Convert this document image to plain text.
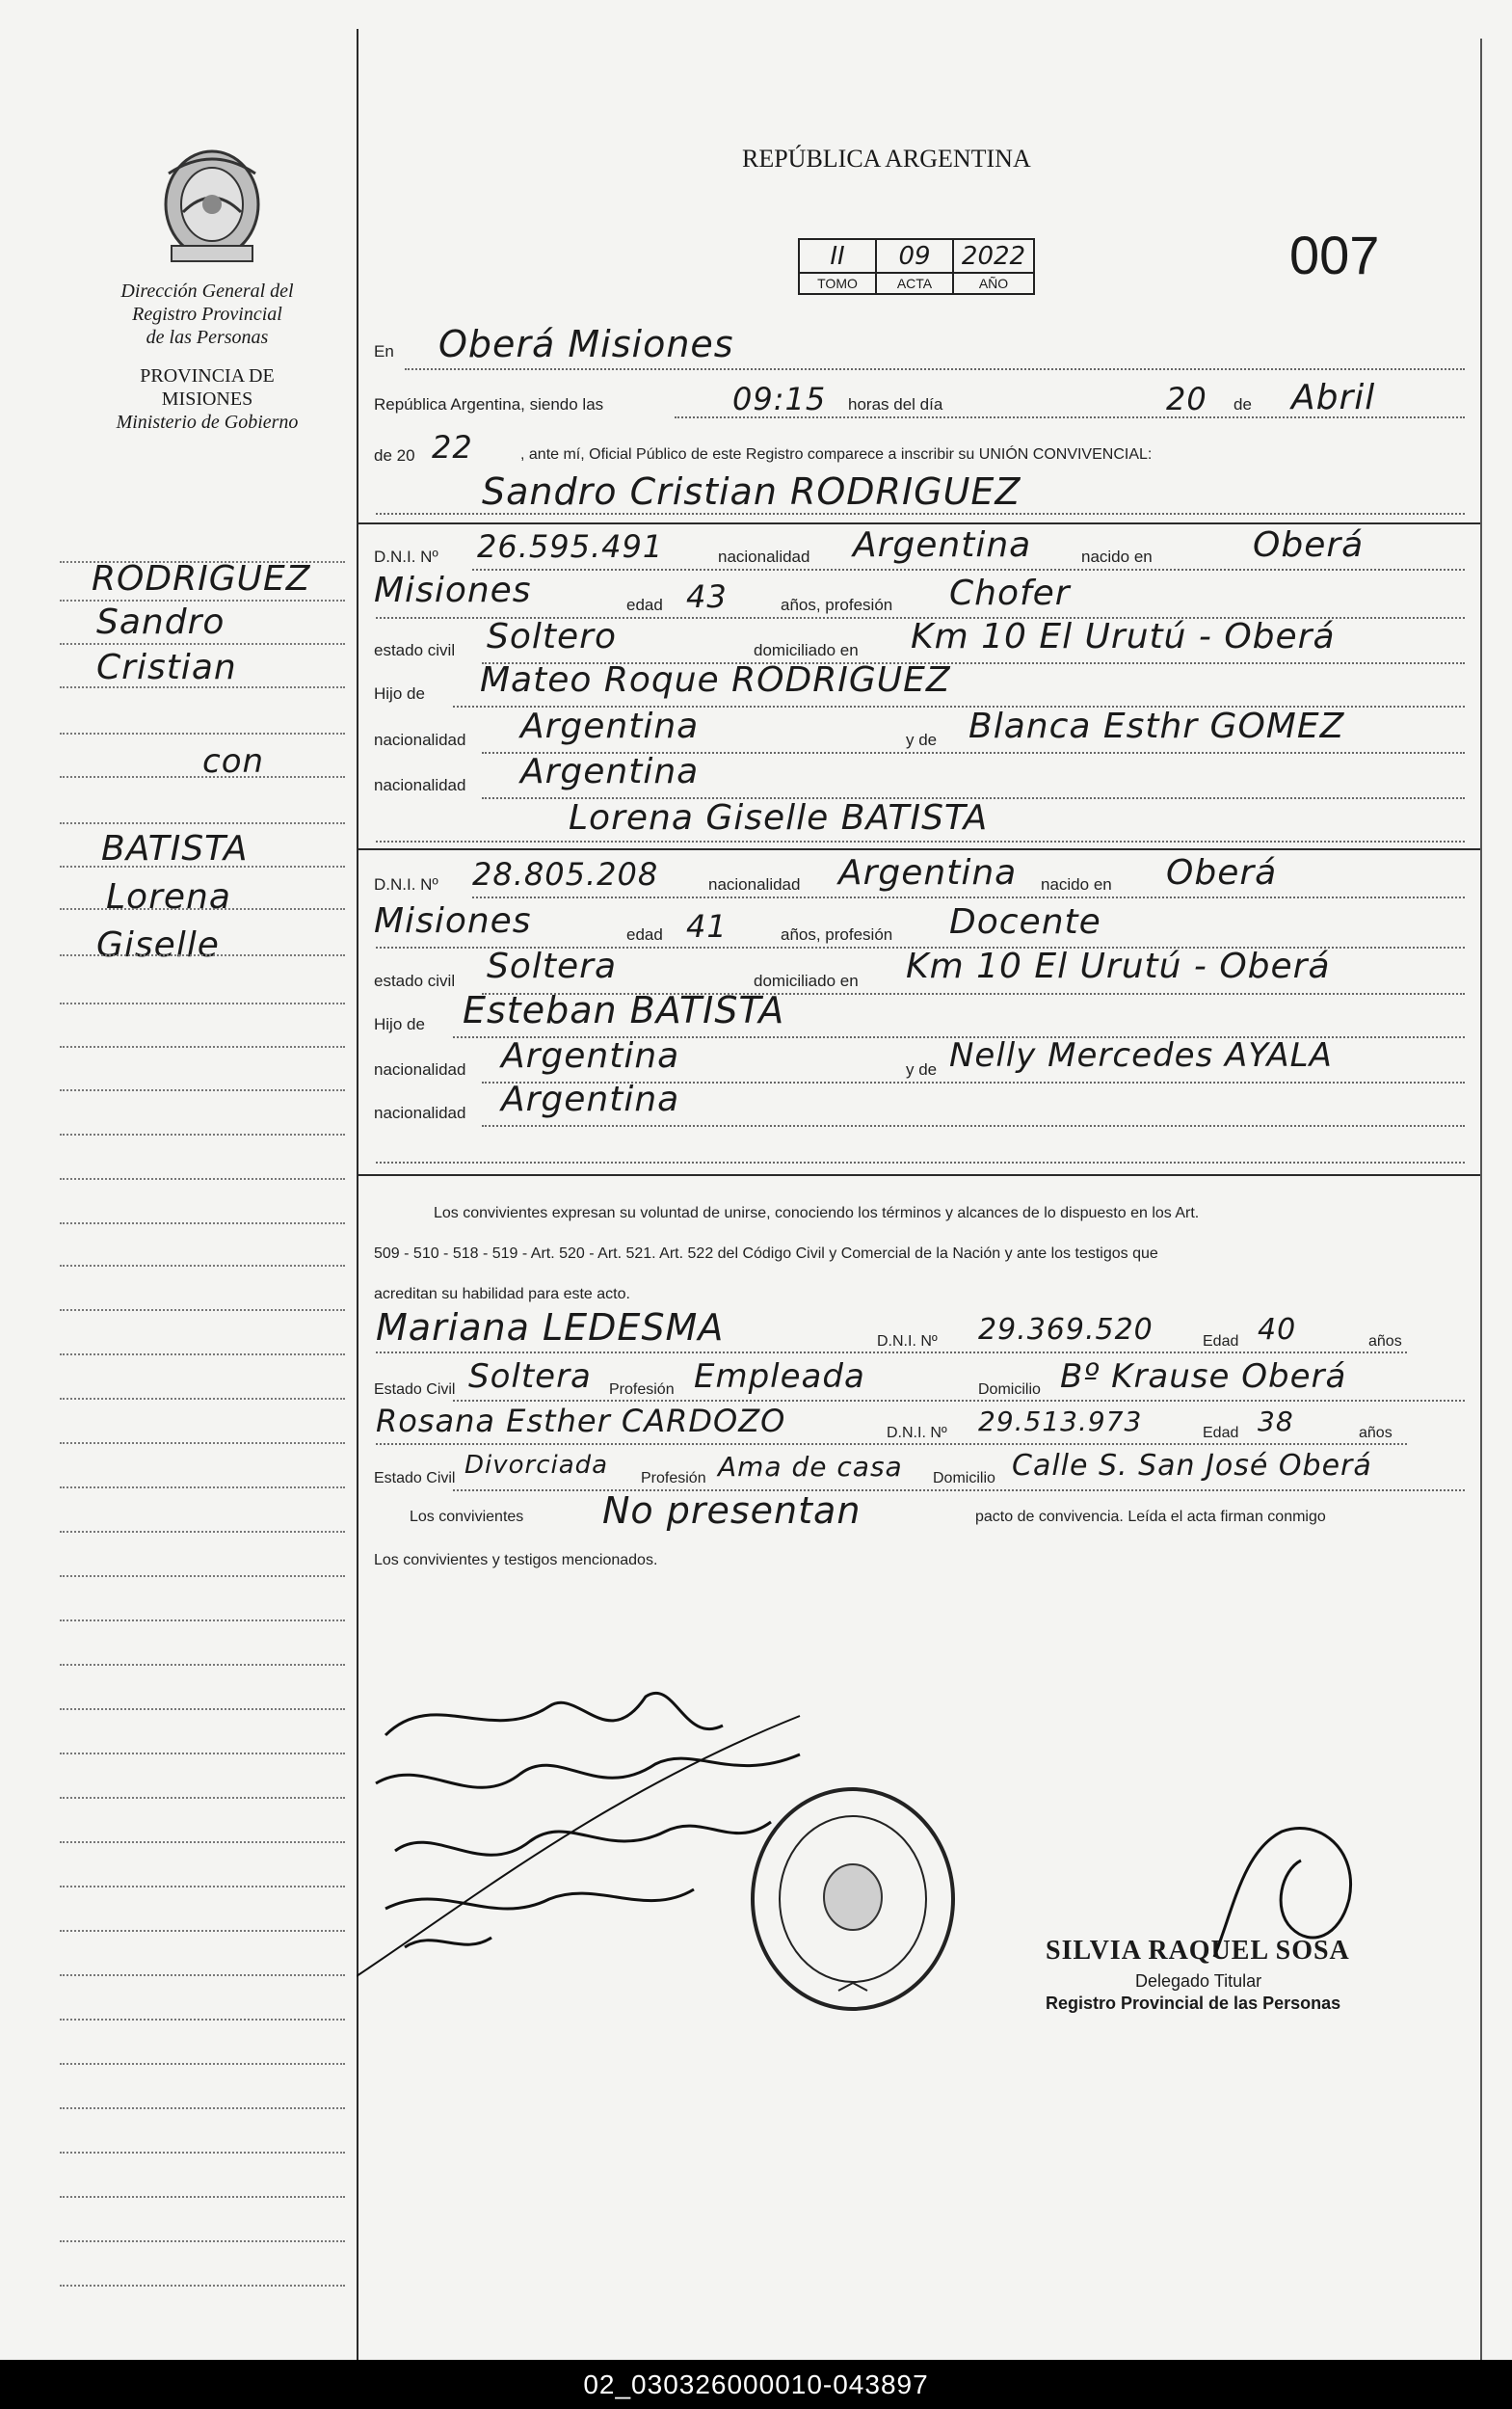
Dirección General del
Registro Provincial
de las Personas
PROVINCIA DE
MISIONES
Ministerio de Gobierno
REPÚBLICA ARGENTINA
II
TOMO
09
ACTA
2022
AÑO	007
RODRIGUEZ
Sandro
Cristian
con
BATISTA
Lorena
Giselle
En Oberá Misiones
República Argentina, siendo las	09:15 horas del día	20 de Abril
de 20 22	, ante mí, Oficial Público de este Registro comparece a inscribir su UNIÓN CONVIVENCIAL:
Sandro Cristian RODRIGUEZ
D.N.I. Nº 26.595.491	nacionalidad Argentina	nacido en	Oberá
Misiones	edad 43	años, profesión Chofer
estado civil Soltero	domiciliado en Km 10 El Urutú - Oberá
Hijo de Mateo Roque RODRIGUEZ
nacionalidad Argentina	y de Blanca Esthr GOMEZ
nacionalidad Argentina
Lorena Giselle BATISTA
D.N.I. Nº 28.805.208	nacionalidad Argentina nacido en Oberá
Misiones	edad 41	años, profesión Docente
estado civil Soltera	domiciliado en Km 10 El Urutú - Oberá
Hijo de Esteban BATISTA
nacionalidad Argentina	y de Nelly Mercedes AYALA
nacionalidad Argentina
Los convivientes expresan su voluntad de unirse, conociendo los términos y alcances de lo dispuesto en los Art.
509 - 510 - 518 - 519 - Art. 520 - Art. 521. Art. 522 del Código Civil y Comercial de la Nación y ante los testigos que
acreditan su habilidad para este acto.
Mariana LEDESMA	D.N.I. Nº 29.369.520	Edad 40	años
Estado Civil Soltera Profesión Empleada	Domicilio Bº Krause Oberá
Rosana Esther CARDOZO	D.N.I. Nº 29.513.973	Edad 38	años
Estado Civil Divorciada Profesión Ama de casa Domicilio Calle S. San José Oberá
Los convivientes No presentan	pacto de convivencia. Leída el acta firman conmigo
Los convivientes y testigos mencionados.
SILVIA RAQUEL SOSA
Delegado Titular
Registro Provincial de las Personas
02_030326000010-043897
